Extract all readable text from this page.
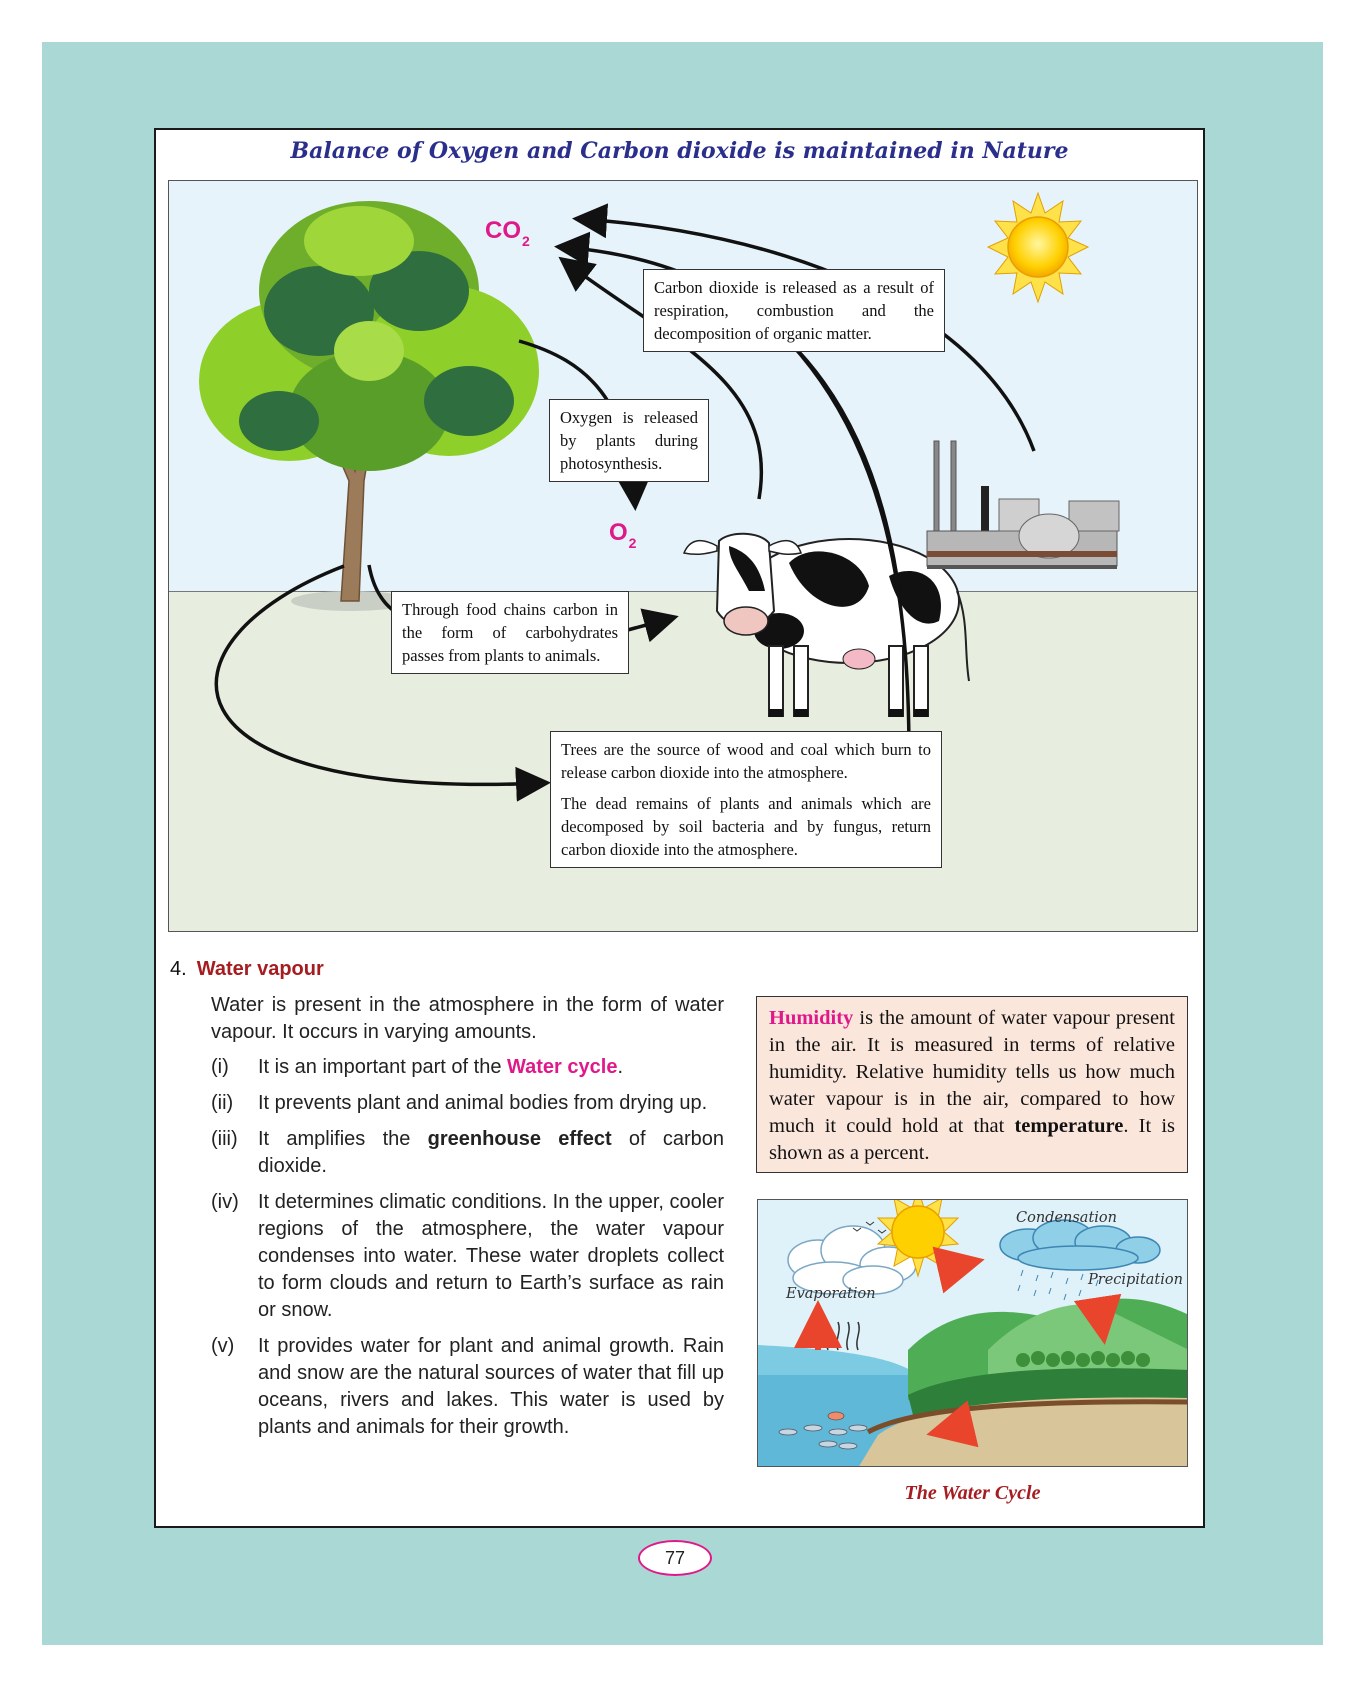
Balance of Oxygen and Carbon dioxide is maintained in Nature
$CO_2$
$O_2$
Carbon dioxide is released as a result of respiration, combustion and the decomposition of organic matter.
Oxygen is released by plants during photosynthesis.
Through food chains carbon in the form of carbohydrates passes from plants to animals.

Trees are the source of wood and coal which burn to release carbon dioxide into the atmosphere.

The dead remains of plants and animals which are decomposed by soil bacteria and by fungus, return carbon dioxide into the atmosphere.

4. Water vapour

Water is present in the atmosphere in the form of water vapour. It occurs in varying amounts.

(i)	It is an important part of the Water cycle.
(ii)	It prevents plant and animal bodies from drying up.
(iii)	It amplifies the greenhouse effect of carbon dioxide.
(iv) It determines climatic conditions. In the upper, cooler regions of the atmosphere, the water vapour condenses into water. These water droplets collect to form clouds and return to Earth’s surface as rain or snow.
(v)	It provides water for plant and animal growth. Rain and snow are the natural sources of water that fill up oceans, rivers and lakes. This water is used by plants and animals for their growth.
Humidity is the amount of water vapour present in the air. It is measured in terms of relative humidity. Relative humidity tells us how much water vapour is in the air, compared to how much it could hold at that temperature. It is shown as a percent.
Condensation
Precipitation
Evaporation
The Water Cycle
77
